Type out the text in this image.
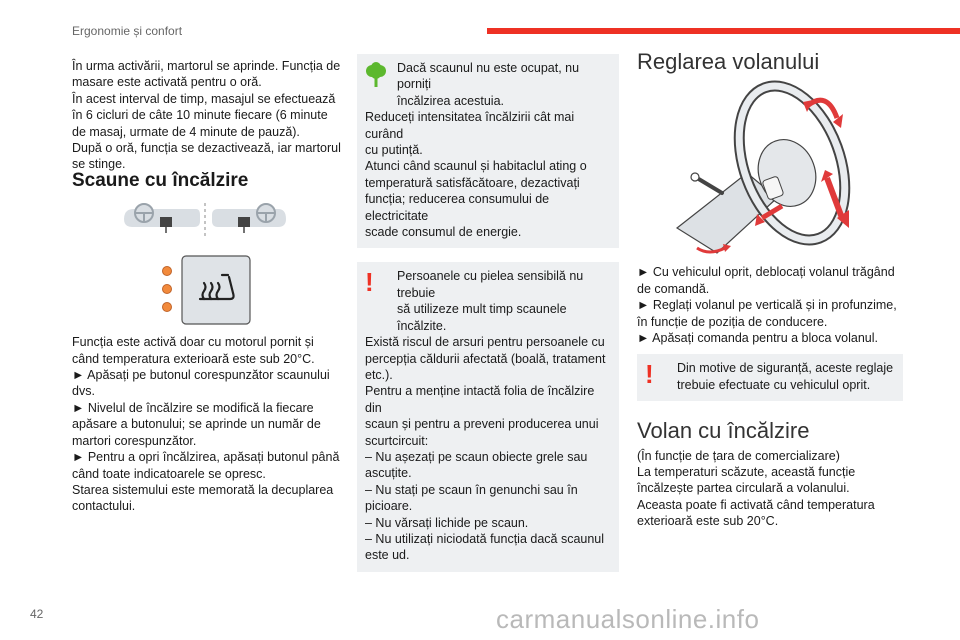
Ergonomie și confort

În urma activării, martorul se aprinde. Funcția de

masare este activată pentru o oră.

În acest interval de timp, masajul se efectuează

în 6 cicluri de câte 10 minute fiecare (6 minute

de masaj, urmate de 4 minute de pauză).

După o oră, funcția se dezactivează, iar martorul

se stinge.

Scaune cu încălzire

Funcția este activă doar cu motorul pornit și

când temperatura exterioară este sub 20°C.

► Apăsați pe butonul corespunzător scaunului

dvs.

► Nivelul de încălzire se modifică la fiecare

apăsare a butonului; se aprinde un număr de

martori corespunzător.

► Pentru a opri încălzirea, apăsați butonul până

când toate indicatoarele se opresc.

Starea sistemului este memorată la decuplarea

contactului.

Dacă scaunul nu este ocupat, nu porniți

încălzirea acestuia.

Reduceți intensitatea încălzirii cât mai curând

cu putință.

Atunci când scaunul și habitaclul ating o

temperatură satisfăcătoare, dezactivați

funcția; reducerea consumului de electricitate

scade consumul de energie.

!	Persoanele cu pielea sensibilă nu trebuie

să utilizeze mult timp scaunele încălzite.

Există riscul de arsuri pentru persoanele cu

percepția căldurii afectată (boală, tratament

etc.).

Pentru a menține intactă folia de încălzire din

scaun și pentru a preveni producerea unui

scurtcircuit:

– Nu așezați pe scaun obiecte grele sau

ascuțite.

– Nu stați pe scaun în genunchi sau în

picioare.

– Nu vărsați lichide pe scaun.

– Nu utilizați niciodată funcția dacă scaunul

este ud.

Reglarea volanului

► Cu vehiculul oprit, deblocați volanul trăgând

de comandă.

► Reglați volanul pe verticală și in profunzime,

în funcție de poziția de conducere.

► Apăsați comanda pentru a bloca volanul.

!	Din motive de siguranță, aceste reglaje

trebuie efectuate cu vehiculul oprit.

Volan cu încălzire

(În funcție de țara de comercializare)

La temperaturi scăzute, această funcție

încălzește partea circulară a volanului.

Aceasta poate fi activată când temperatura

exterioară este sub 20°C.

42	carmanualsonline.info
